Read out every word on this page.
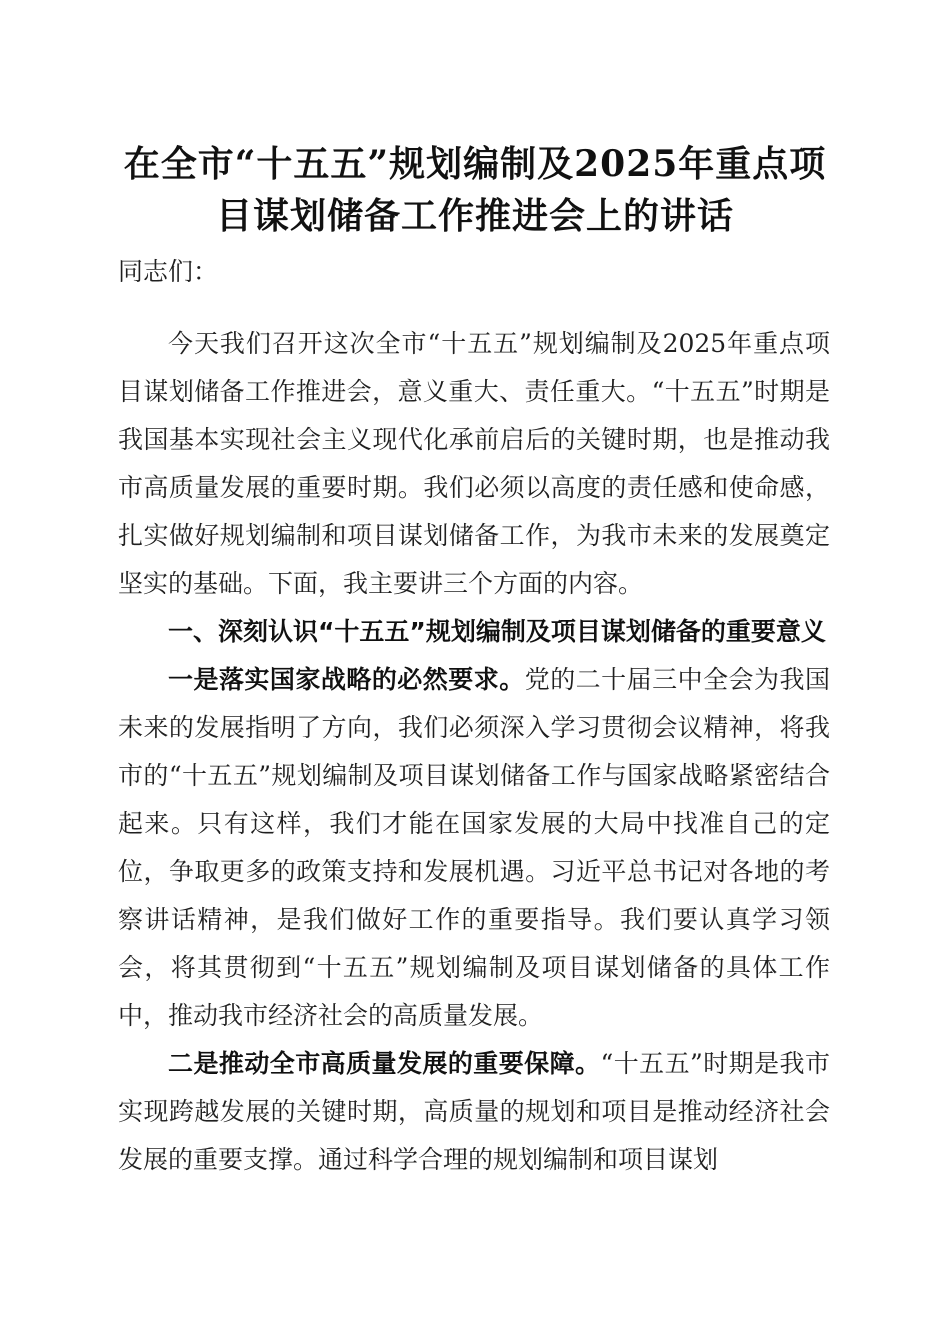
在全市“十五五”规划编制及2025年重点项
目谋划储备工作推进会上的讲话
同志们：

今天我们召开这次全市“十五五”规划编制及2025年重点项目谋划储备工作推进会，意义重大、责任重大。“十五五”时期是我国基本实现社会主义现代化承前启后的关键时期，也是推动我市高质量发展的重要时期。我们必须以高度的责任感和使命感，扎实做好规划编制和项目谋划储备工作，为我市未来的发展奠定坚实的基础。下面，我主要讲三个方面的内容。

一、深刻认识“十五五”规划编制及项目谋划储备的重要意义

一是落实国家战略的必然要求。党的二十届三中全会为我国未来的发展指明了方向，我们必须深入学习贯彻会议精神，将我市的“十五五”规划编制及项目谋划储备工作与国家战略紧密结合起来。只有这样，我们才能在国家发展的大局中找准自己的定位，争取更多的政策支持和发展机遇。习近平总书记对各地的考察讲话精神，是我们做好工作的重要指导。我们要认真学习领会，将其贯彻到“十五五”规划编制及项目谋划储备的具体工作中，推动我市经济社会的高质量发展。

二是推动全市高质量发展的重要保障。“十五五”时期是我市实现跨越发展的关键时期，高质量的规划和项目是推动经济社会发展的重要支撑。通过科学合理的规划编制和项目谋划
